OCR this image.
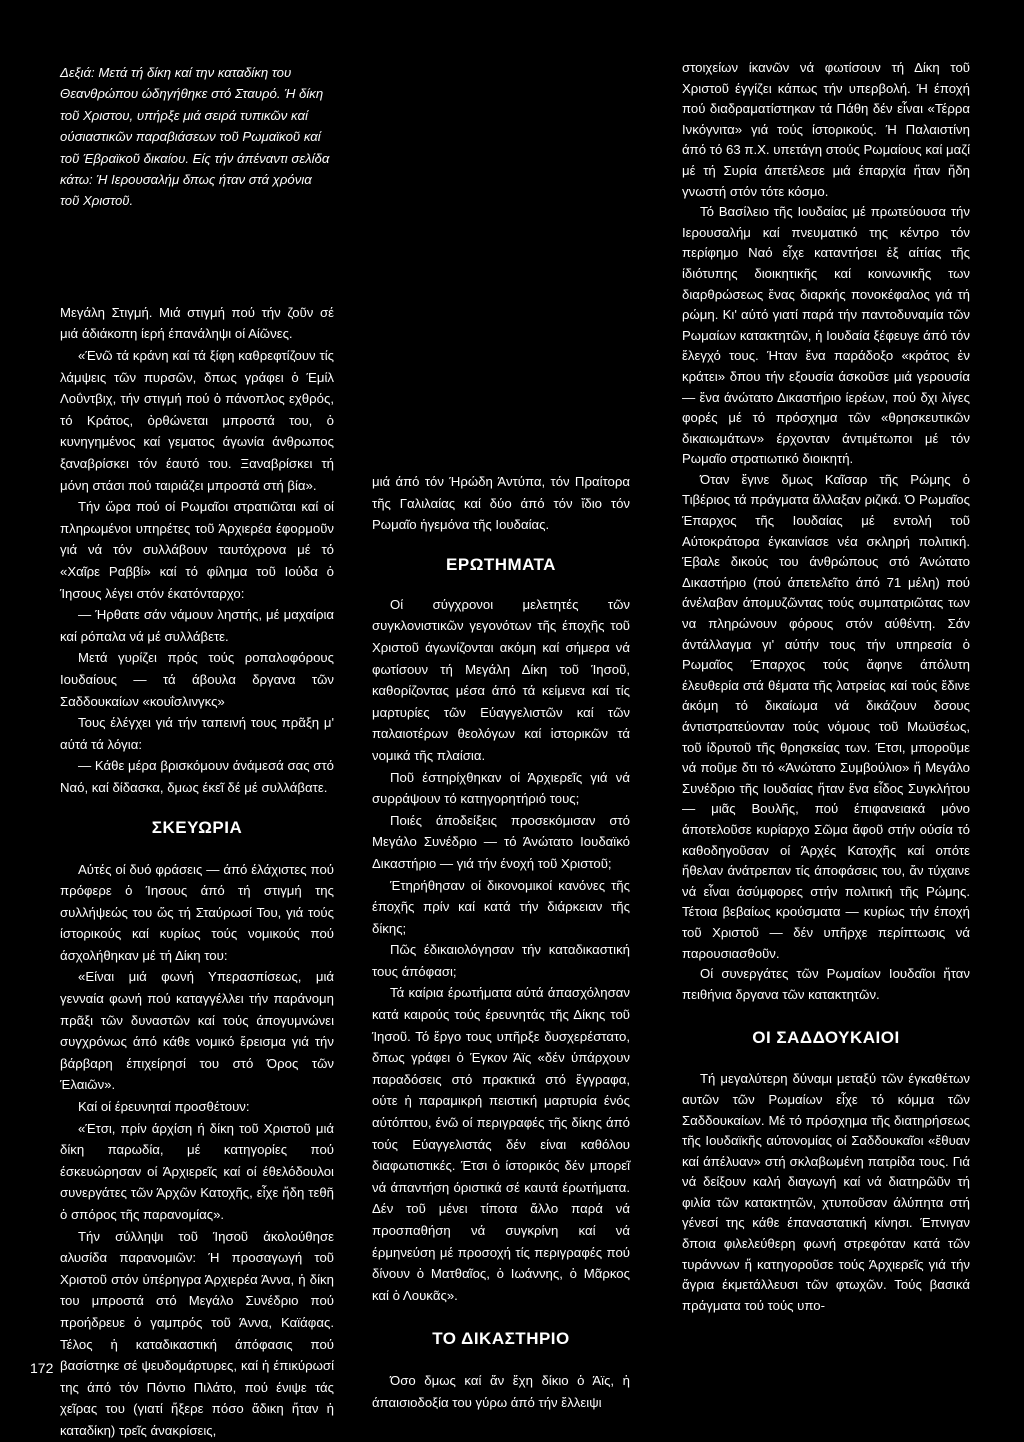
Δεξιά: Μετά τή δίκη καί την καταδίκη του Θεανθρώπου ώδηγήθηκε στό Σταυρό. Ή δίκη τοῦ Χριστου, υπήρξε μιά σειρά τυπικῶν καί ούσιαστικῶν παραβιάσεων τοῦ Ρωμαϊκοῦ καί τοῦ Έβραϊκοῦ δικαίου. Είς τήν άπέναντι σελίδα κάτω: Ή Ιερουσαλήμ δπως ήταν στά χρόνια τοῦ Χριστοῦ.

Μεγάλη Στιγμή. Μιά στιγμή πού τήν ζοῦν σέ μιά άδιάκοπη ίερή έπανάληψι οί Αίῶνες.

«Ένῶ τά κράνη καί τά ξίφη καθρεφτίζουν τίς λάμψεις τῶν πυρσῶν, δπως γράφει ὁ Έμίλ Λοΰντβιχ, τήν στιγμή πού ὁ πάνοπλος εχθρός, τό Κράτος, ὀρθώνεται μπροστά του, ὁ κυνηγημένος καί γεματος άγωνία άνθρωπος ξαναβρίσκει τόν έαυτό του. Ξαναβρίσκει τή μόνη στάσι πού ταιριάζει μπροστά στή βία».

Τήν ὥρα πού οί Ρωμαῖοι στρατιῶται καί οί πληρωμένοι υπηρέτες τοῦ Άρχιερέα έφορμοῦν γιά νά τόν συλλάβουν ταυτόχρονα μέ τό «Χαῖρε Ραββί» καί τό φίλημα τοῦ Ιούδα ὁ Ίησους λέγει στόν έκατόνταρχο:

— Ήρθατε σάν νάμουν ληστής, μέ μαχαίρια καί ρόπαλα νά μέ συλλάβετε.

Μετά γυρίζει πρός τούς ροπαλοφόρους Ιουδαίους — τά άβουλα δργανα τῶν Σαδδουκαίων «κουΐσλινγκς»

Τους έλέγχει γιά τήν ταπεινή τους πρᾶξη μ' αύτά τά λόγια:

— Κάθε μέρα βρισκόμουν άνάμεσά σας στό Ναό, καί δίδασκα, δμως έκεῖ δέ μέ συλλάβατε.

ΣΚΕΥΩΡΙΑ

Αύτές οί δυό φράσεις — άπό έλάχιστες πού πρόφερε ὁ Ίησους άπό τή στιγμή της συλλήψεώς του ὥς τή Σταύρωσί Του, γιά τούς ίστορικούς καί κυρίως τούς νομικούς πού άσχολήθηκαν μέ τή Δίκη του:

«Είναι μιά φωνή Υπερασπίσεως, μιά γενναία φωνή πού καταγγέλλει τήν παράνομη πρᾶξι τῶν δυναστῶν καί τούς άπογυμνώνει συγχρόνως άπό κάθε νομικό ἕρεισμα γιά τήν βάρβαρη έπιχείρησί του στό Όρος τῶν Έλαιῶν».

Καί οί έρευνηταί προσθέτουν:

«Έτσι, πρίν άρχίση ή δίκη τοῦ Χριστοῦ μιά δίκη παρωδία, μέ κατηγορίες πού έσκευώρησαν οί Άρχιερεῖς καί οί έθελόδουλοι συνεργάτες τῶν Άρχῶν Κατοχῆς, εἶχε ἤδη τεθῆ ὁ σπόρος τῆς παρανομίας».

Τήν σύλληψι τοῦ Ίησοῦ άκολούθησε αλυσίδα παρανομιῶν: Ή προσαγωγή τοῦ Χριστοῦ στόν ὑπέρηγρα Άρχιερέα Άννα, ἡ δίκη του μπροστά στό Μεγάλο Συνέδριο πού προήδρευε ὁ γαμπρός τοῦ Άννα, Καϊάφας. Τέλος ἡ καταδικαστική άπόφασις πού βασίστηκε σέ ψευδομάρτυρες, καί ἡ έπικύρωσί της άπό τόν Πόντιο Πιλάτο, πού ένιψε τάς χεῖρας του (γιατί ἤξερε πόσο ἄδικη ἤταν ἡ καταδίκη) τρεῖς άνακρίσεις,

μιά άπό τόν Ήρώδη Άντύπα, τόν Πραίτορα τῆς Γαλιλαίας καί δύο άπό τόν ἴδιο τόν Ρωμαῖο ἡγεμόνα τῆς Ιουδαίας.

ΕΡΩΤΗΜΑΤΑ

Οί σύγχρονοι μελετητές τῶν συγκλονιστικῶν γεγονότων τῆς έποχῆς τοῦ Χριστοῦ άγωνίζονται ακόμη καί σήμερα νά φωτίσουν τή Μεγάλη Δίκη τοῦ Ίησοῦ, καθορίζοντας μέσα άπό τά κείμενα καί τίς μαρτυρίες τῶν Εύαγγελιστῶν καί τῶν παλαιοτέρων θεολόγων καί ἱστορικῶν τά νομικά τῆς πλαίσια.

Ποῦ έστηρίχθηκαν οί Άρχιερεῖς γιά νά συρράψουν τό κατηγορητήριό τους;

Ποιές άποδείξεις προσεκόμισαν στό Μεγάλο Συνέδριο — τό Άνώτατο Ιουδαϊκό Δικαστήριο — γιά τήν ένοχή τοῦ Χριστοῦ;

Έτηρήθησαν οί δικονομικοί κανόνες τῆς έποχῆς πρίν καί κατά τήν διάρκειαν τῆς δίκης;

Πῶς έδικαιολόγησαν τήν καταδικαστική τους άπόφασι;

Τά καίρια έρωτήματα αύτά άπασχόλησαν κατά καιρούς τούς έρευνητάς τῆς Δίκης τοῦ Ίησοῦ. Τό ἔργο τους υπῆρξε δυσχερέστατο, δπως γράφει ὁ Έγκον Άϊς «δέν ύπάρχουν παραδόσεις στό πρακτικά στό ἔγγραφα, ούτε ἡ παραμικρή πειστική μαρτυρία ένός αύτόπτου, ένῶ οί περιγραφές τῆς δίκης άπό τούς Εύαγγελιστάς δέν είναι καθόλου διαφωτιστικές. Έτσι ὁ ίστορικός δέν μπορεῖ νά άπαντήση όριστικά σέ καυτά έρωτήματα. Δέν τοῦ μένει τίποτα ἄλλο παρά νά προσπαθήση νά συγκρίνη καί νά έρμηνεύση μέ προσοχή τίς περιγραφές πού δίνουν ὁ Ματθαῖος, ὁ Ιωάννης, ὁ Μᾶρκος καί ὁ Λουκᾶς».

ΤΟ ΔΙΚΑΣΤΗΡΙΟ

Όσο δμως καί ἄν ἔχη δίκιο ὁ Άϊς, ἡ άπαισιοδοξία του γύρω άπό τήν ἔλλειψι

στοιχείων ίκανῶν νά φωτίσουν τή Δίκη τοῦ Χριστοῦ έγγίζει κάπως τήν υπερβολή. Ή έποχή πού διαδραματίστηκαν τά Πάθη δέν εἶναι «Τέρρα Ινκόγνιτα» γιά τούς ίστορικούς. Ή Παλαιστίνη άπό τό 63 π.Χ. υπετάγη στούς Ρωμαίους καί μαζί μέ τή Συρία άπετέλεσε μιά έπαρχία ἤταν ἤδη γνωστή στόν τότε κόσμο.

Τό Βασίλειο τῆς Ιουδαίας μέ πρωτεύουσα τήν Ιερουσαλήμ καί πνευματικό της κέντρο τόν περίφημο Ναό εἶχε καταντήσει ἐξ αίτίας τῆς ίδιότυπης διοικητικῆς καί κοινωνικῆς των διαρθρώσεως ἕνας διαρκής πονοκέφαλος γιά τή ρώμη. Κι' αύτό γιατί παρά τήν παντοδυναμία τῶν Ρωμαίων κατακτητῶν, ἡ Ιουδαία ξέφευγε άπό τόν ἔλεγχό τους. Ήταν ἕνα παράδοξο «κράτος ἐν κράτει» δπου τήν εξουσία άσκοῦσε μιά γερουσία — ἕνα άνώτατο Δικαστήριο ίερέων, πού δχι λίγες φορές μέ τό πρόσχημα τῶν «θρησκευτικῶν δικαιωμάτων» έρχονταν άντιμέτωποι μέ τόν Ρωμαῖο στρατιωτικό διοικητή.

Όταν ἔγινε δμως Καῖσαρ τῆς Ρώμης ὁ Τιβέριος τά πράγματα ἄλλαξαν ριζικά. Ό Ρωμαῖος Έπαρχος τῆς Ιουδαίας μέ εντολή τοῦ Αύτοκράτορα έγκαινίασε νέα σκληρή πολιτική. Έβαλε δικούς του άνθρώπους στό Άνώτατο Δικαστήριο (πού άπετελεῖτο άπό 71 μέλη) πού άνέλαβαν άπομυζῶντας τούς συμπατριῶτας των να πληρώνουν φόρους στόν αύθέντη. Σάν άντάλλαγμα γι' αύτήν τους τήν υπηρεσία ὁ Ρωμαῖος Έπαρχος τούς ἄφηνε άπόλυτη έλευθερία στά θέματα τῆς λατρείας καί τούς ἔδινε άκόμη τό δικαίωμα νά δικάζουν δσους άντιστρατεύονταν τούς νόμους τοῦ Μωϋσέως, τοῦ ίδρυτοῦ τῆς θρησκείας των. Έτσι, μποροῦμε νά ποῦμε δτι τό «Άνώτατο Συμβούλιο» ἤ Μεγάλο Συνέδριο τῆς Ιουδαίας ἤταν ἕνα εἶδος Συγκλήτου — μιᾶς Βουλῆς, πού έπιφανειακά μόνο άποτελοῦσε κυρίαρχο Σῶμα ἄφοῦ στήν ούσία τό καθοδηγοῦσαν οί Άρχές Κατοχῆς καί οπότε ἤθελαν άνάτρεπαν τίς άποφάσεις του, ἄν τύχαινε νά εἶναι άσύμφορες στήν πολιτική τῆς Ρώμης. Τέτοια βεβαίως κρούσματα — κυρίως τήν έποχή τοῦ Χριστοῦ — δέν υπῆρχε περίπτωσις νά παρουσιασθοῦν.

Οί συνεργάτες τῶν Ρωμαίων Ιουδαῖοι ἤταν πειθήνια δργανα τῶν κατακτητῶν.

ΟΙ ΣΑΔΔΟΥΚΑΙΟΙ

Τή μεγαλύτερη δύναμι μεταξύ τῶν έγκαθέτων αυτῶν τῶν Ρωμαίων εἶχε τό κόμμα τῶν Σαδδουκαίων. Μέ τό πρόσχημα τῆς διατηρήσεως τῆς Ιουδαϊκῆς αύτονομίας οί Σαδδουκαῖοι «ἔθυαν καί άπέλυαν» στή σκλαβωμένη πατρίδα τους. Γιά νά δείξουν καλή διαγωγή καί νά διατηρῶῦν τή φιλία τῶν κατακτητῶν, χτυποῦσαν άλύπητα στή γένεσί της κάθε έπαναστατική κίνησι. Έπνιγαν δποια φιλελεύθερη φωνή στρεφόταν κατά τῶν τυράννων ἤ κατηγοροῦσε τούς Άρχιερεῖς γιά τήν ἄγρια έκμετάλλευσι τῶν φτωχῶν. Τούς βασικά πράγματα τού τούς υπο-

172
